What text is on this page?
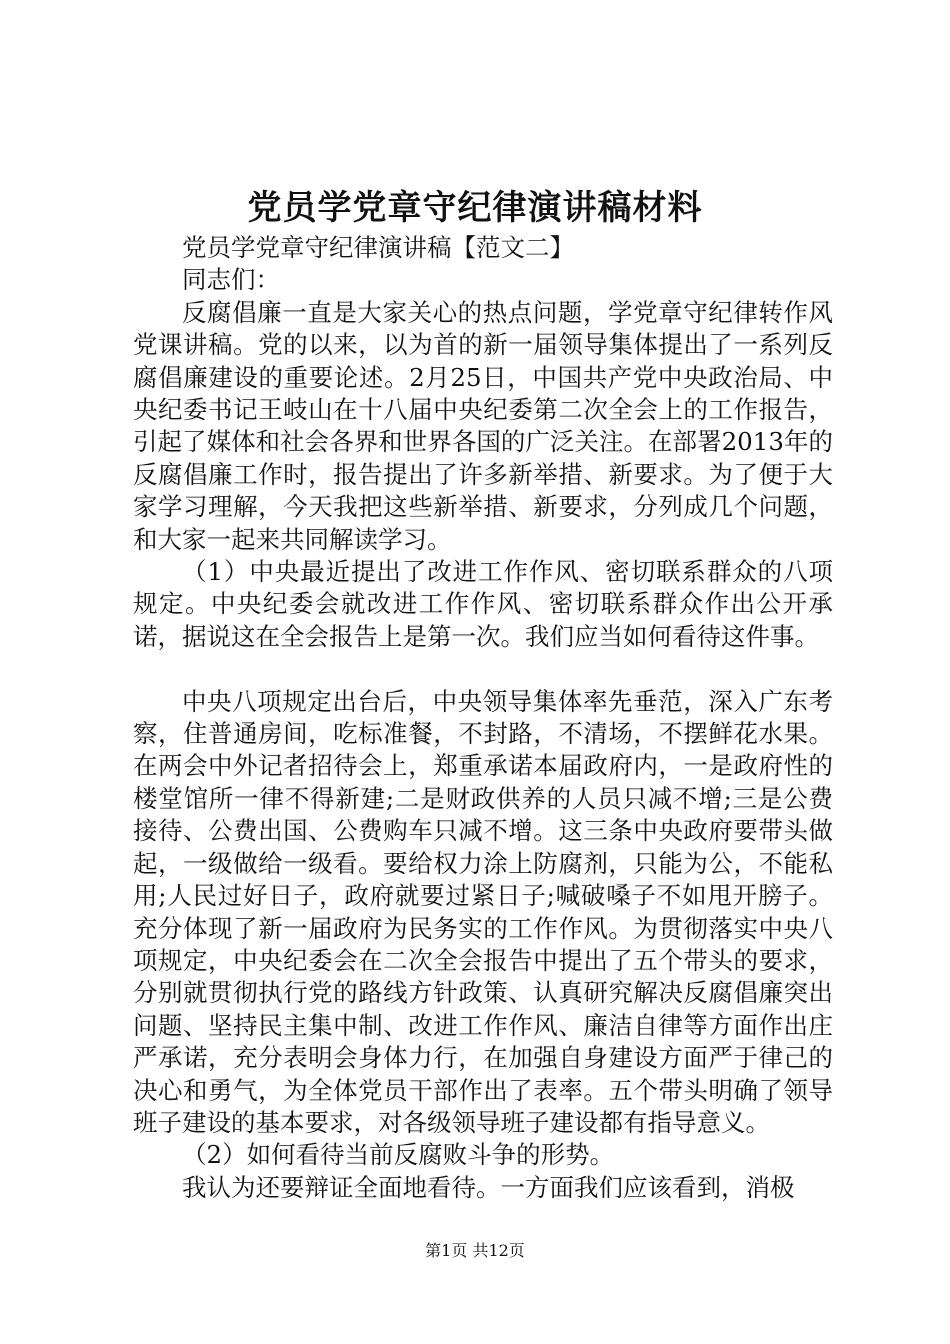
党员学党章守纪律演讲稿材料

党员学党章守纪律演讲稿【范文二】

同志们：

反腐倡廉一直是大家关心的热点问题，学党章守纪律转作风党课讲稿。党的以来，以为首的新一届领导集体提出了一系列反腐倡廉建设的重要论述。2月25日，中国共产党中央政治局、中央纪委书记王岐山在十八届中央纪委第二次全会上的工作报告，引起了媒体和社会各界和世界各国的广泛关注。在部署2013年的反腐倡廉工作时，报告提出了许多新举措、新要求。为了便于大家学习理解，今天我把这些新举措、新要求，分列成几个问题，和大家一起来共同解读学习。

（1）中央最近提出了改进工作作风、密切联系群众的八项规定。中央纪委会就改进工作作风、密切联系群众作出公开承诺，据说这在全会报告上是第一次。我们应当如何看待这件事。

中央八项规定出台后，中央领导集体率先垂范，深入广东考察，住普通房间，吃标准餐，不封路，不清场，不摆鲜花水果。在两会中外记者招待会上，郑重承诺本届政府内，一是政府性的楼堂馆所一律不得新建;二是财政供养的人员只减不增;三是公费接待、公费出国、公费购车只减不增。这三条中央政府要带头做起，一级做给一级看。要给权力涂上防腐剂，只能为公，不能私用;人民过好日子，政府就要过紧日子;喊破嗓子不如甩开膀子。充分体现了新一届政府为民务实的工作作风。为贯彻落实中央八项规定，中央纪委会在二次全会报告中提出了五个带头的要求，分别就贯彻执行党的路线方针政策、认真研究解决反腐倡廉突出问题、坚持民主集中制、改进工作作风、廉洁自律等方面作出庄严承诺，充分表明会身体力行，在加强自身建设方面严于律己的决心和勇气，为全体党员干部作出了表率。五个带头明确了领导班子建设的基本要求，对各级领导班子建设都有指导意义。

（2）如何看待当前反腐败斗争的形势。

我认为还要辩证全面地看待。一方面我们应该看到，消极

第1页 共12页
